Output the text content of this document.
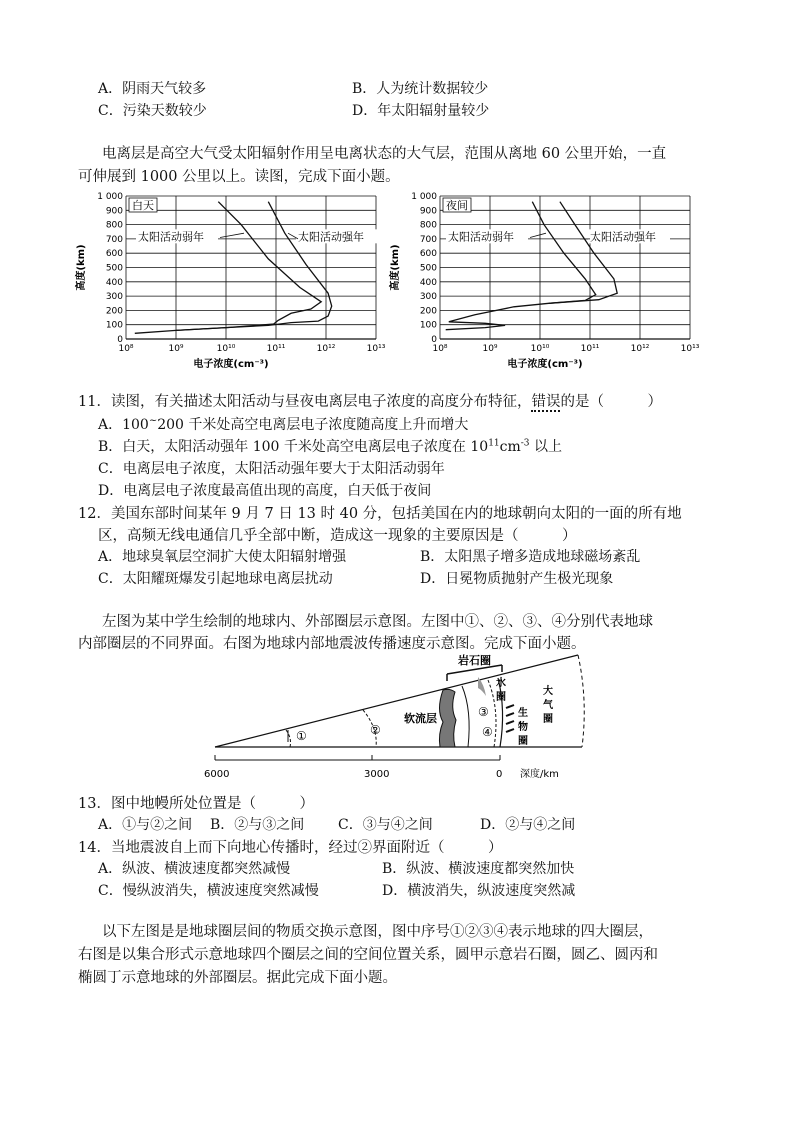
A．阴雨天气较多	B．人为统计数据较少
C．污染天数较少	D．年太阳辐射量较少
电离层是高空大气受太阳辐射作用呈电离状态的大气层，范围从离地 60 公里开始，一直
可伸展到 1000 公里以上。读图，完成下面小题。
0
100
200
300
400
500
600
700
800
900
1 000
10⁸	10⁹	10¹⁰	10¹¹	10¹²	10¹³
电子浓度(cm⁻³)
高度(km)
白天
太阳活动弱年	太阳活动强年
0
100
200
300
400
500
600
700
800
900
1 000
10⁸	10⁹	10¹⁰	10¹¹	10¹²	10¹³
电子浓度(cm⁻³)
高度(km)
夜间
太阳活动弱年	太阳活动强年
11．读图，有关描述太阳活动与昼夜电离层电子浓度的高度分布特征，错误的是（　　　）
A．100~200 千米处高空电离层电子浓度随高度上升而增大
B．白天，太阳活动强年 100 千米处高空电离层电子浓度在 $10^{11}cm^{-3}$ 以上
C．电离层电子浓度，太阳活动强年要大于太阳活动弱年
D．电离层电子浓度最高值出现的高度，白天低于夜间
12．美国东部时间某年 9 月 7 日 13 时 40 分，包括美国在内的地球朝向太阳的一面的所有地
区，高频无线电通信几乎全部中断，造成这一现象的主要原因是（　　　）
A．地球臭氧层空洞扩大使太阳辐射增强	B．太阳黑子增多造成地球磁场紊乱
C．太阳耀斑爆发引起地球电离层扰动	D．日冕物质抛射产生极光现象
左图为某中学生绘制的地球内、外部圈层示意图。左图中①、②、③、④分别代表地球
内部圈层的不同界面。右图为地球内部地震波传播速度示意图。完成下面小题。
①	②
③
④
岩石圈
软流层
水
圈
生
物
圈
大
气
圈
6000	3000	0 深度/km
13．图中地幔所处位置是（　　　）
A．①与②之间 B．②与③之间 C．③与④之间	D．②与④之间
14．当地震波自上而下向地心传播时，经过②界面附近（　　　）
A．纵波、横波速度都突然减慢	B．纵波、横波速度都突然加快
C．慢纵波消失，横波速度突然减慢	D．横波消失，纵波速度突然减
以下左图是是地球圈层间的物质交换示意图，图中序号①②③④表示地球的四大圈层，
右图是以集合形式示意地球四个圈层之间的空间位置关系，圆甲示意岩石圈，圆乙、圆丙和
椭圆丁示意地球的外部圈层。据此完成下面小题。
